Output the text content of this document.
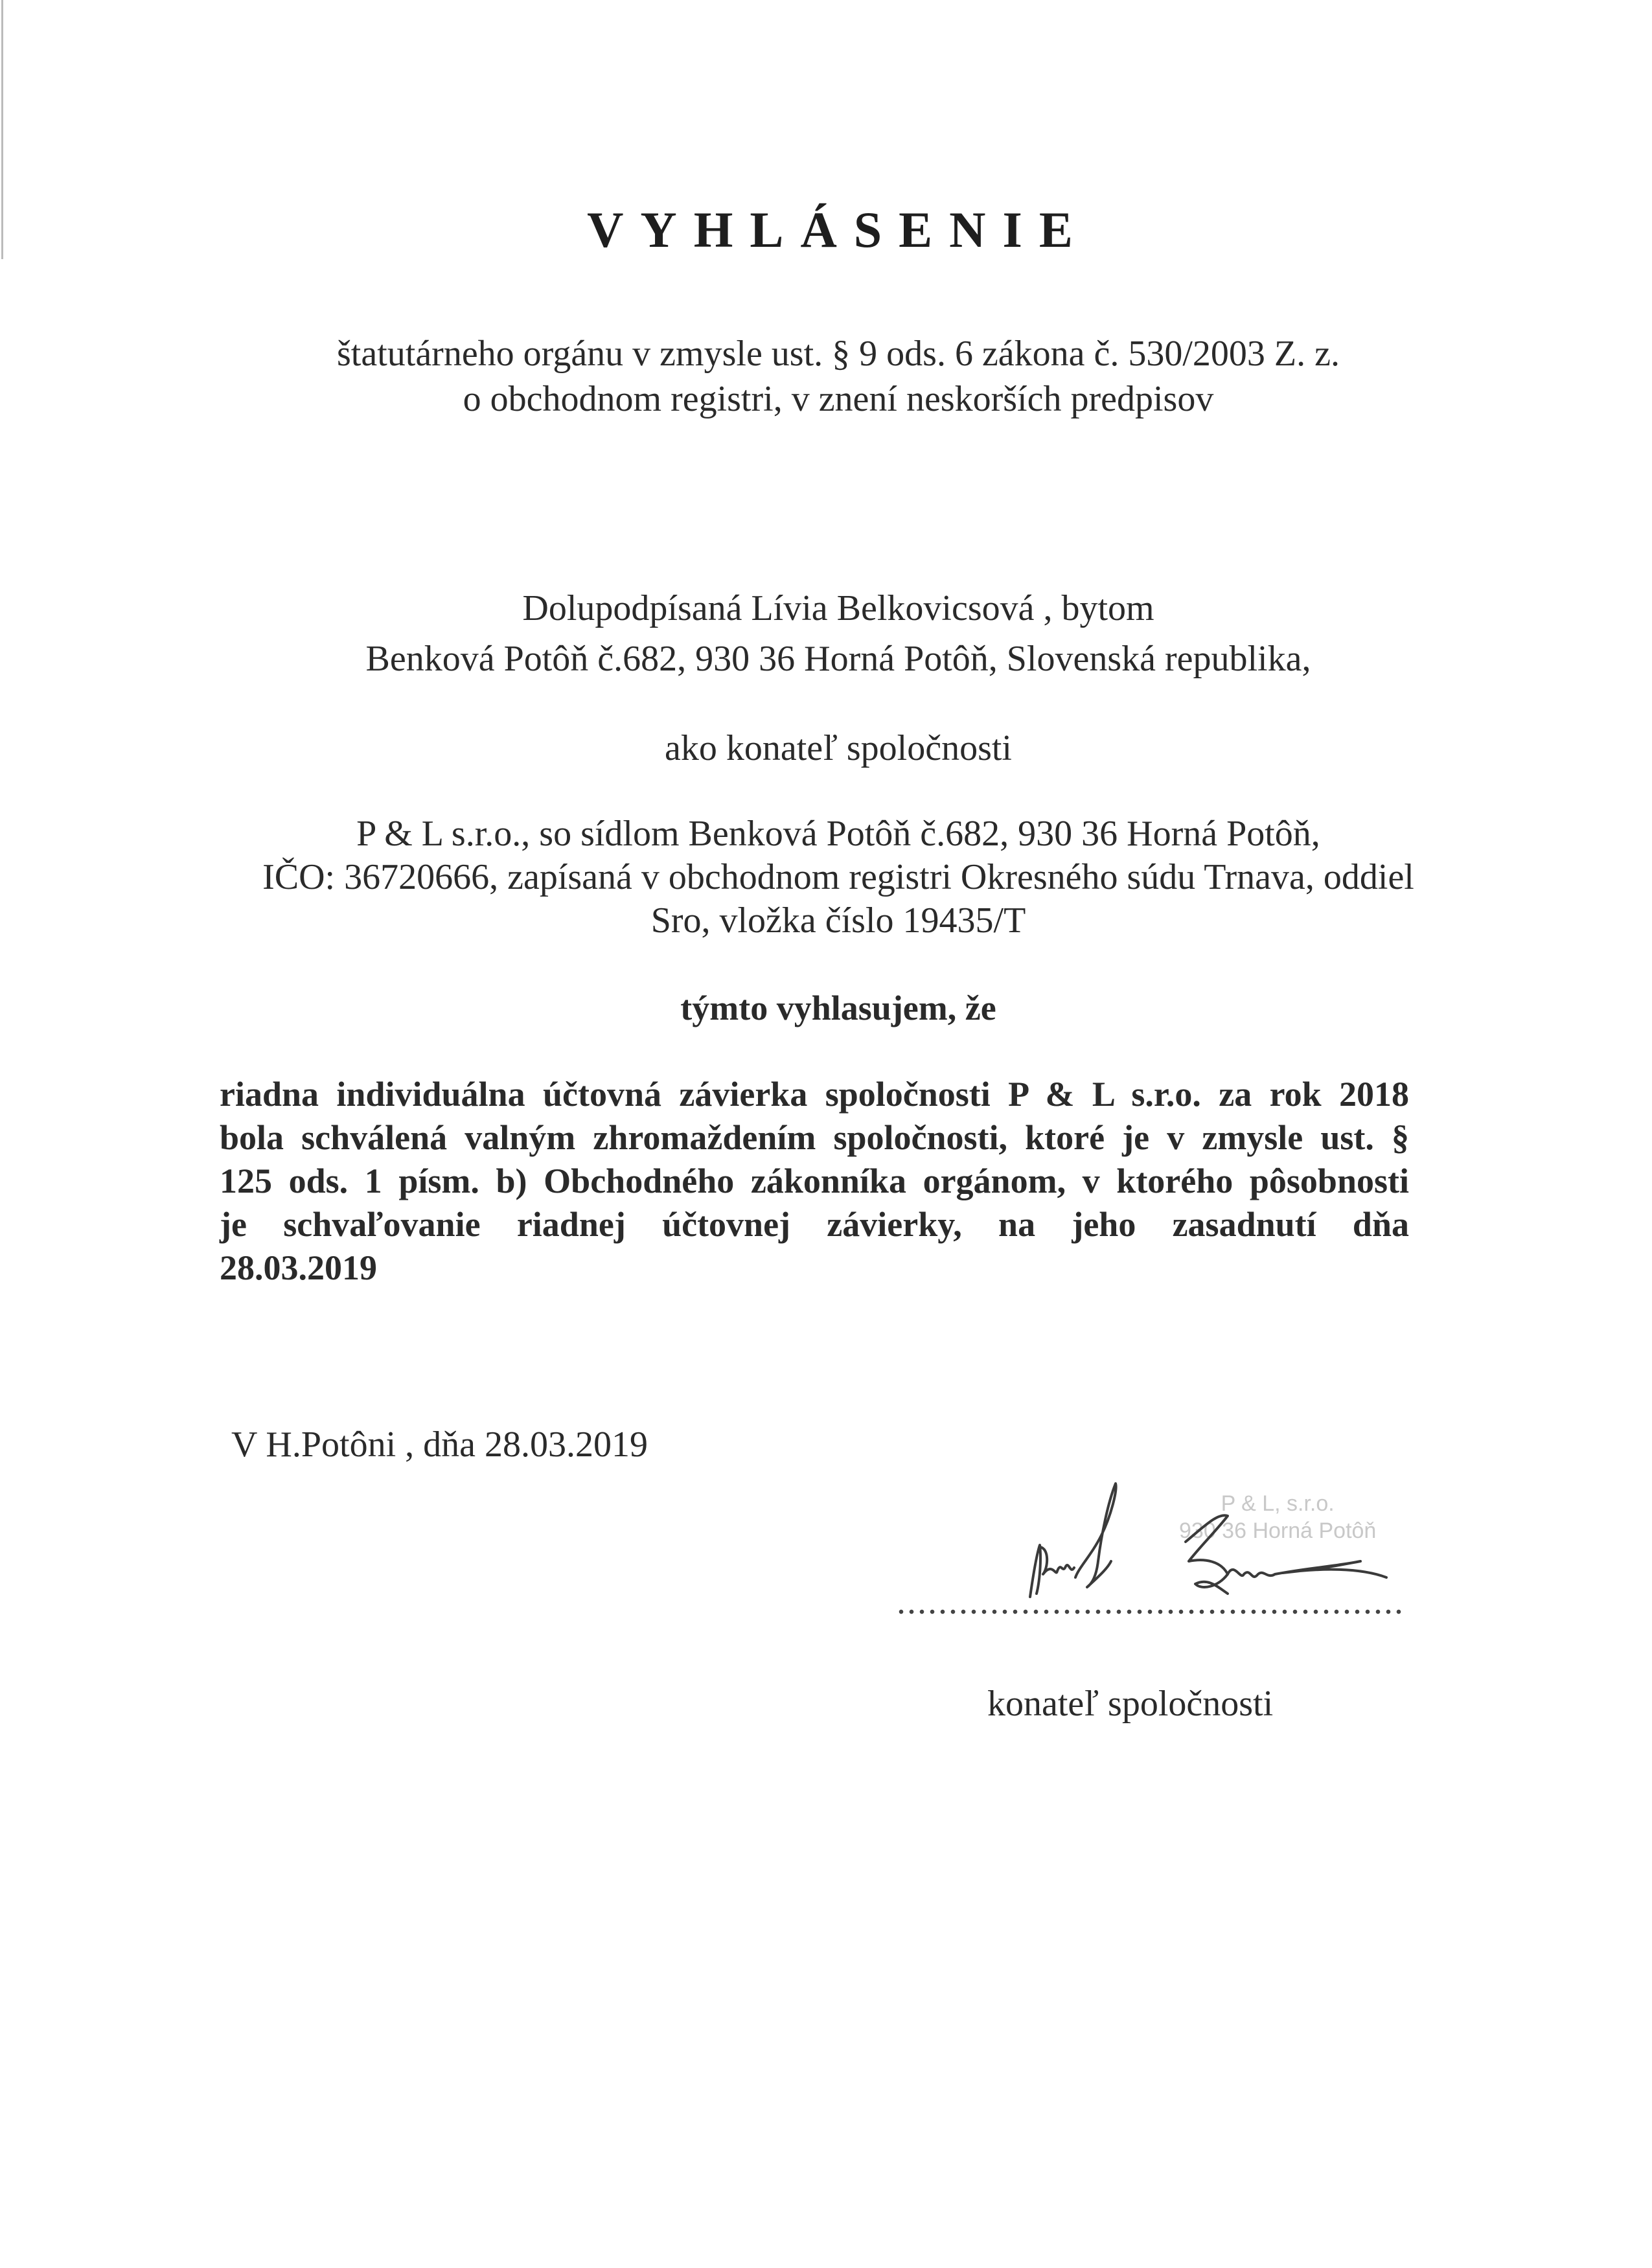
VYHLÁSENIE
štatutárneho orgánu v zmysle ust. § 9 ods. 6 zákona č. 530/2003 Z. z.
o obchodnom registri, v znení neskorších predpisov
Dolupodpísaná Lívia Belkovicsová , bytom
Benková Potôň č.682, 930 36 Horná Potôň, Slovenská republika,
ako konateľ spoločnosti
P & L s.r.o., so sídlom Benková Potôň č.682, 930 36 Horná Potôň,
IČO: 36720666, zapísaná v obchodnom registri Okresného súdu Trnava, oddiel
Sro, vložka číslo 19435/T
týmto vyhlasujem, že
riadna individuálna účtovná závierka spoločnosti P & L s.r.o. za rok 2018
bola schválená valným zhromaždením spoločnosti, ktoré je v zmysle ust. §
125 ods. 1 písm. b) Obchodného zákonníka orgánom, v ktorého pôsobnosti
je schvaľovanie riadnej účtovnej závierky, na jeho zasadnutí dňa
28.03.2019
V H.Potôni , dňa 28.03.2019
P & L, s.r.o.
930 36 Horná Potôň
konateľ spoločnosti
